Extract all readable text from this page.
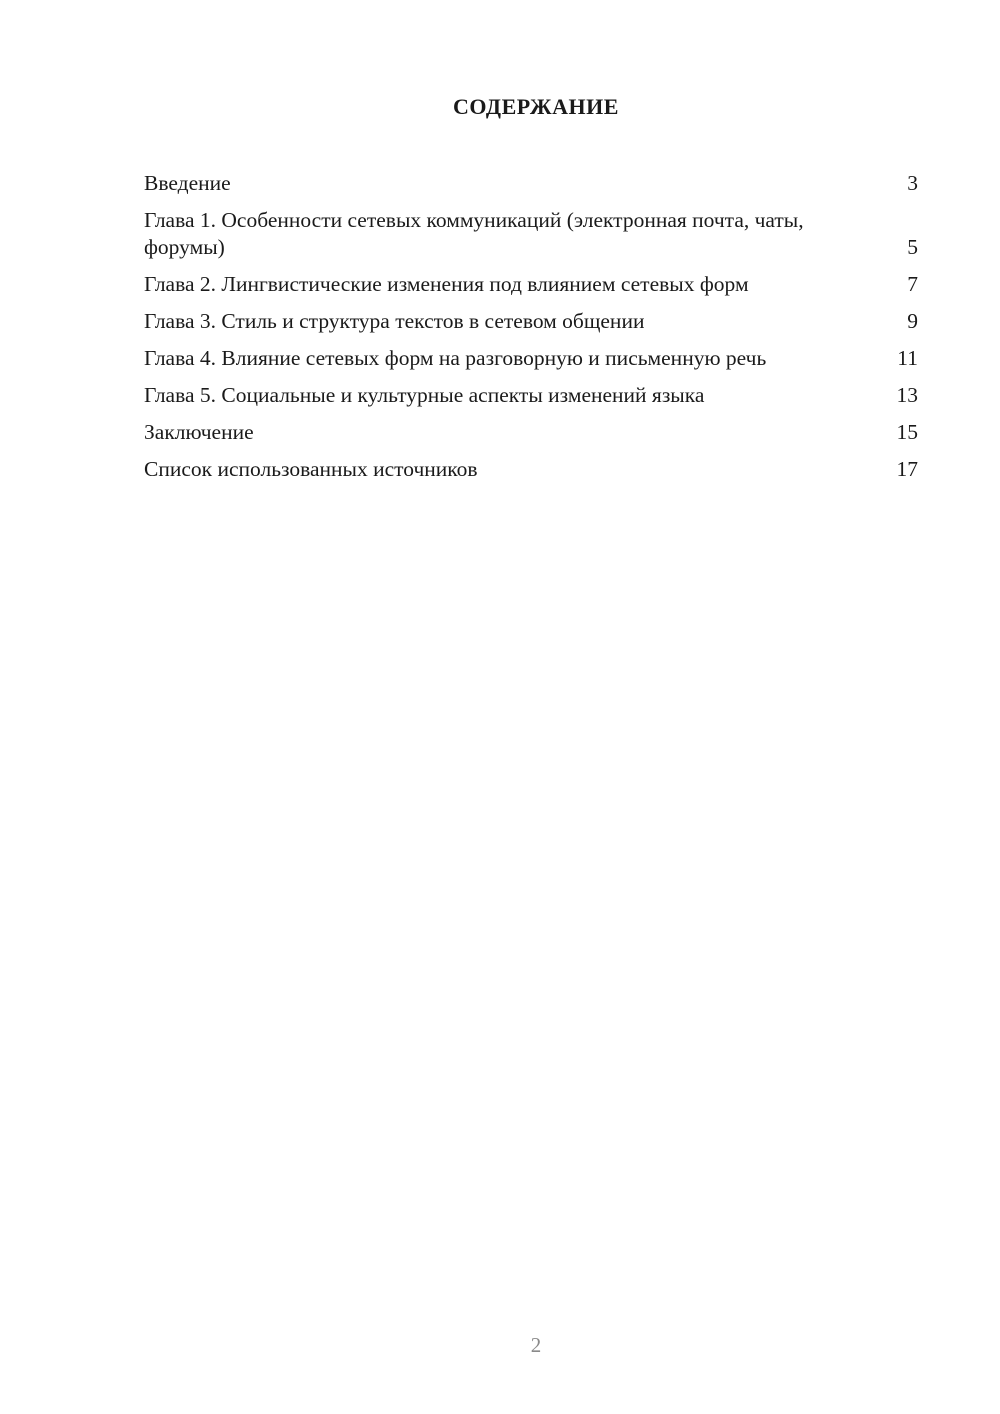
СОДЕРЖАНИЕ
Введение	3
Глава 1. Особенности сетевых коммуникаций (электронная почта, чаты, форумы)	5
Глава 2. Лингвистические изменения под влиянием сетевых форм	7
Глава 3. Стиль и структура текстов в сетевом общении	9
Глава 4. Влияние сетевых форм на разговорную и письменную речь	11
Глава 5. Социальные и культурные аспекты изменений языка	13
Заключение	15
Список использованных источников	17
2
